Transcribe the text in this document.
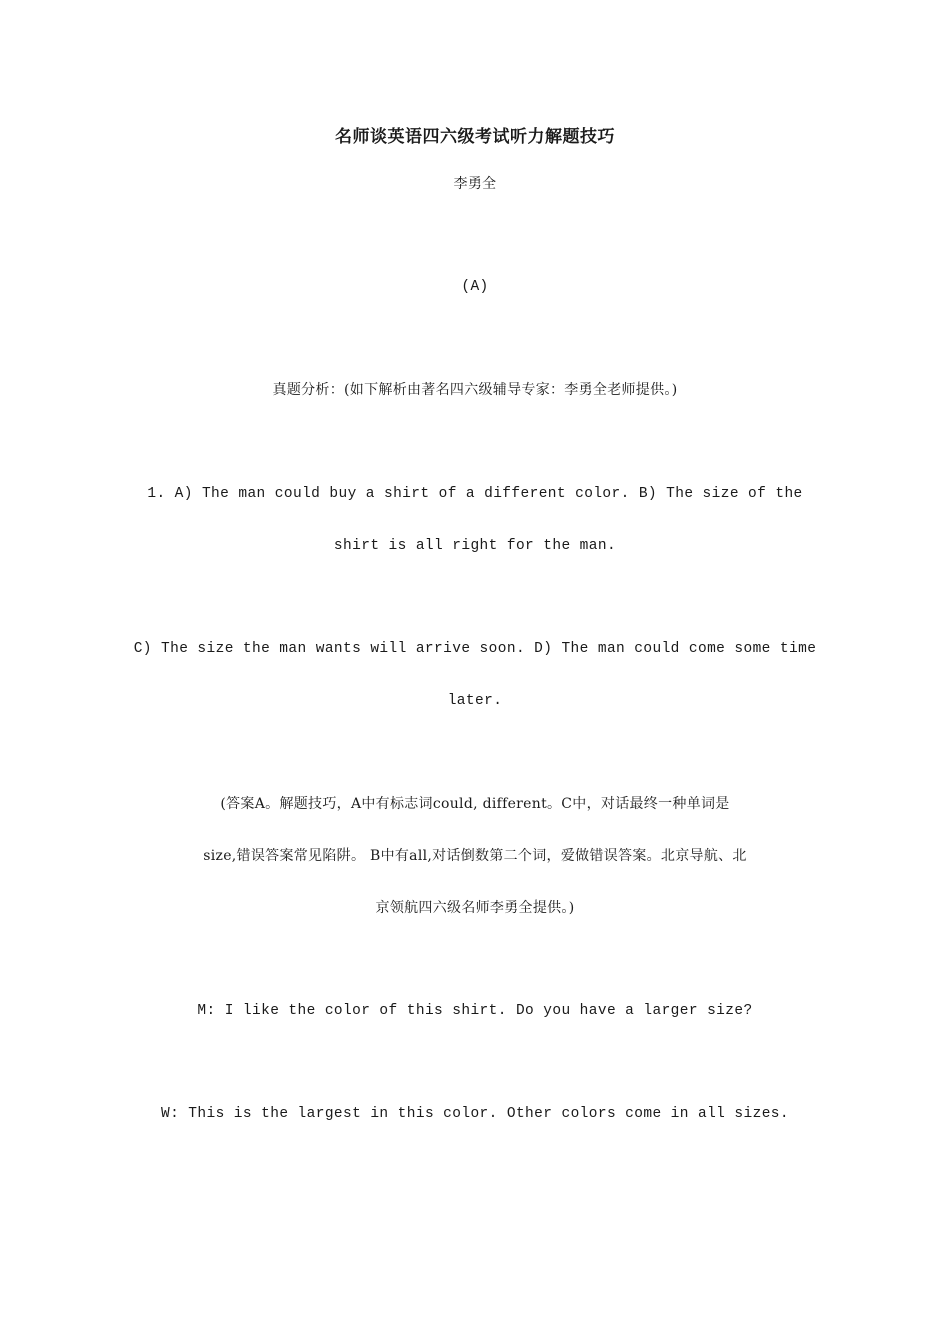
名师谈英语四六级考试听力解题技巧
李勇全
(A)
真题分析：(如下解析由著名四六级辅导专家：李勇全老师提供。)
1. A) The man could buy a shirt of a different color. B) The size of the
shirt is all right for the man.
C) The size the man wants will arrive soon. D) The man could come some time
later.
(答案A。解题技巧，A中有标志词could, different。C中，对话最终一种单词是
size,错误答案常见陷阱。 B中有all,对话倒数第二个词，爱做错误答案。北京导航、北
京领航四六级名师李勇全提供。)
M: I like the color of this shirt. Do you have a larger size?
W: This is the largest in this color. Other colors come in all sizes.
